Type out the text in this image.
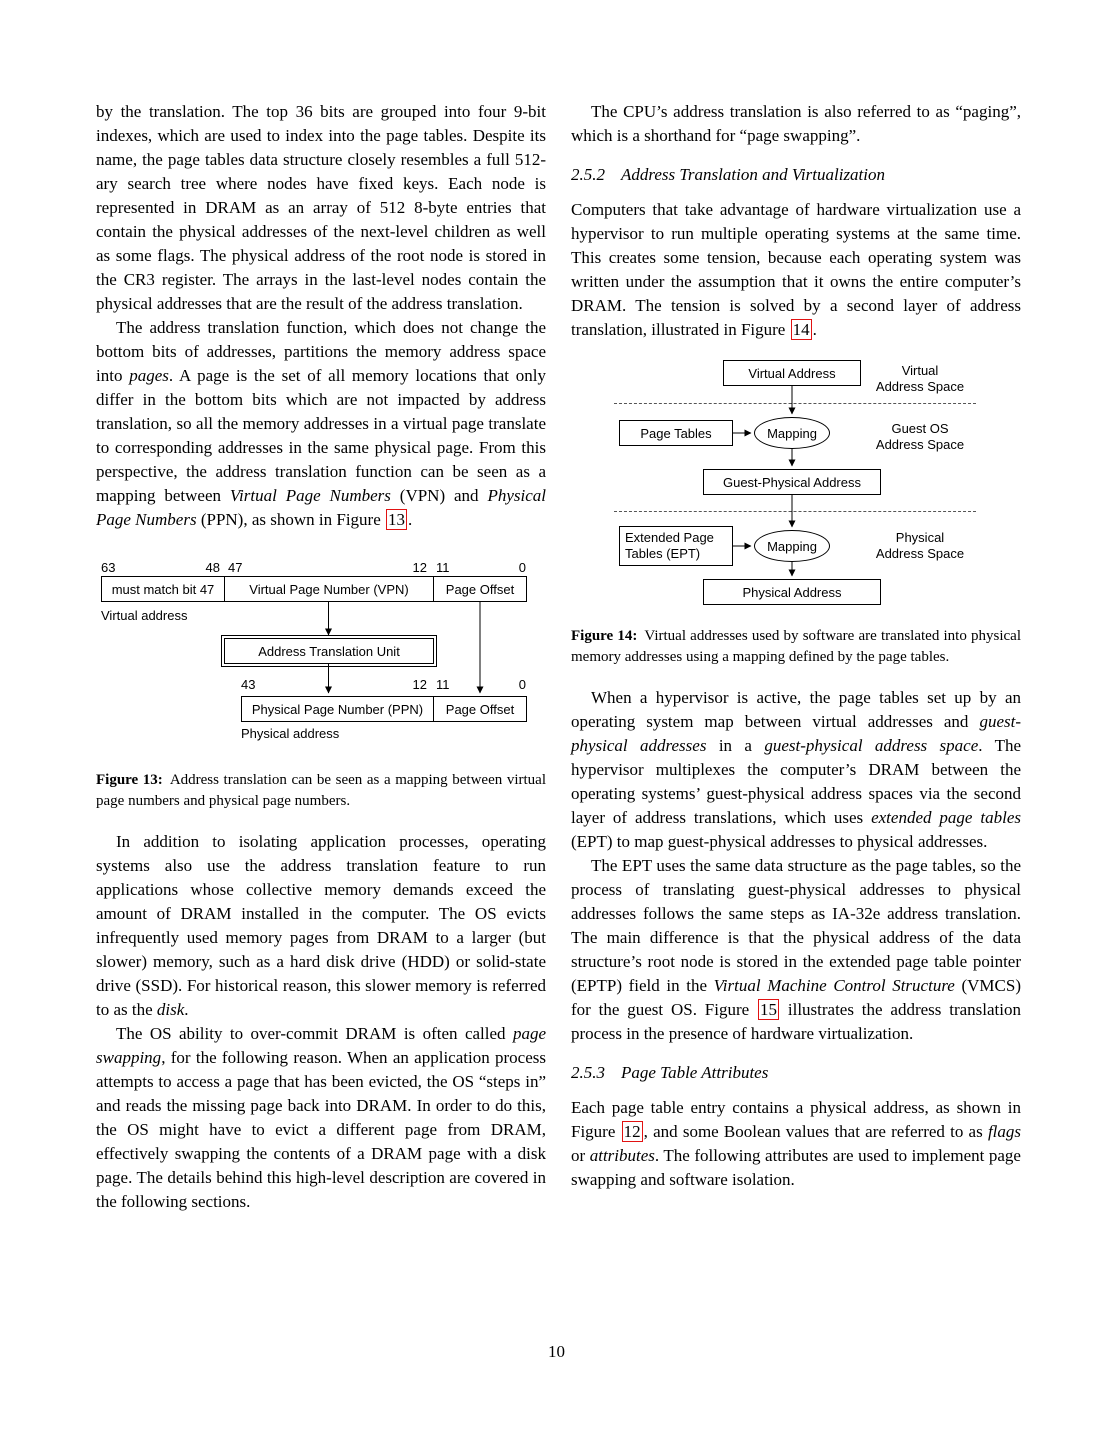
by the translation. The top 36 bits are grouped into four 9-bit indexes, which are used to index into the page tables. Despite its name, the page tables data structure closely resembles a full 512-ary search tree where nodes have fixed keys. Each node is represented in DRAM as an array of 512 8-byte entries that contain the physical addresses of the next-level children as well as some flags. The physical address of the root node is stored in the CR3 register. The arrays in the last-level nodes contain the physical addresses that are the result of the address translation.

The address translation function, which does not change the bottom bits of addresses, partitions the memory address space into pages. A page is the set of all memory locations that only differ in the bottom bits which are not impacted by address translation, so all the memory addresses in a virtual page translate to corresponding addresses in the same physical page. From this perspective, the address translation function can be seen as a mapping between Virtual Page Numbers (VPN) and Physical Page Numbers (PPN), as shown in Figure 13 .

63	48 47	12 11	0
must match bit 47	Virtual Page Number (VPN)	Page Offset
Virtual address
Address Translation Unit
43	12 11	0
Physical Page Number (PPN)	Page Offset
Physical address
Figure 13: Address translation can be seen as a mapping between virtual page numbers and physical page numbers.

In addition to isolating application processes, operating systems also use the address translation feature to run applications whose collective memory demands exceed the amount of DRAM installed in the computer. The OS evicts infrequently used memory pages from DRAM to a larger (but slower) memory, such as a hard disk drive (HDD) or solid-state drive (SSD). For historical reason, this slower memory is referred to as the disk.

The OS ability to over-commit DRAM is often called page swapping, for the following reason. When an application process attempts to access a page that has been evicted, the OS “steps in” and reads the missing page back into DRAM. In order to do this, the OS might have to evict a different page from DRAM, effectively swapping the contents of a DRAM page with a disk page. The details behind this high-level description are covered in the following sections.

The CPU’s address translation is also referred to as “paging”, which is a shorthand for “page swapping”.

2.5.2 Address Translation and Virtualization

Computers that take advantage of hardware virtualization use a hypervisor to run multiple operating systems at the same time. This creates some tension, because each operating system was written under the assumption that it owns the entire computer’s DRAM. The tension is solved by a second layer of address translation, illustrated in Figure 14 .

Virtual Address	Virtual
Address Space
Page Tables	Mapping	Guest OS
Address Space
Guest-Physical Address
Extended Page
Tables (EPT)	Mapping
Physical
Address Space
Physical Address
Figure 14: Virtual addresses used by software are translated into physical memory addresses using a mapping defined by the page tables.

When a hypervisor is active, the page tables set up by an operating system map between virtual addresses and guest-physical addresses in a guest-physical address space. The hypervisor multiplexes the computer’s DRAM between the operating systems’ guest-physical address spaces via the second layer of address translations, which uses extended page tables (EPT) to map guest-physical addresses to physical addresses.

The EPT uses the same data structure as the page tables, so the process of translating guest-physical addresses to physical addresses follows the same steps as IA-32e address translation. The main difference is that the physical address of the data structure’s root node is stored in the extended page table pointer (EPTP) field in the Virtual Machine Control Structure (VMCS) for the guest OS. Figure 15 illustrates the address translation process in the presence of hardware virtualization.

2.5.3 Page Table Attributes

Each page table entry contains a physical address, as shown in Figure 12 , and some Boolean values that are referred to as flags or attributes. The following attributes are used to implement page swapping and software isolation.

10
